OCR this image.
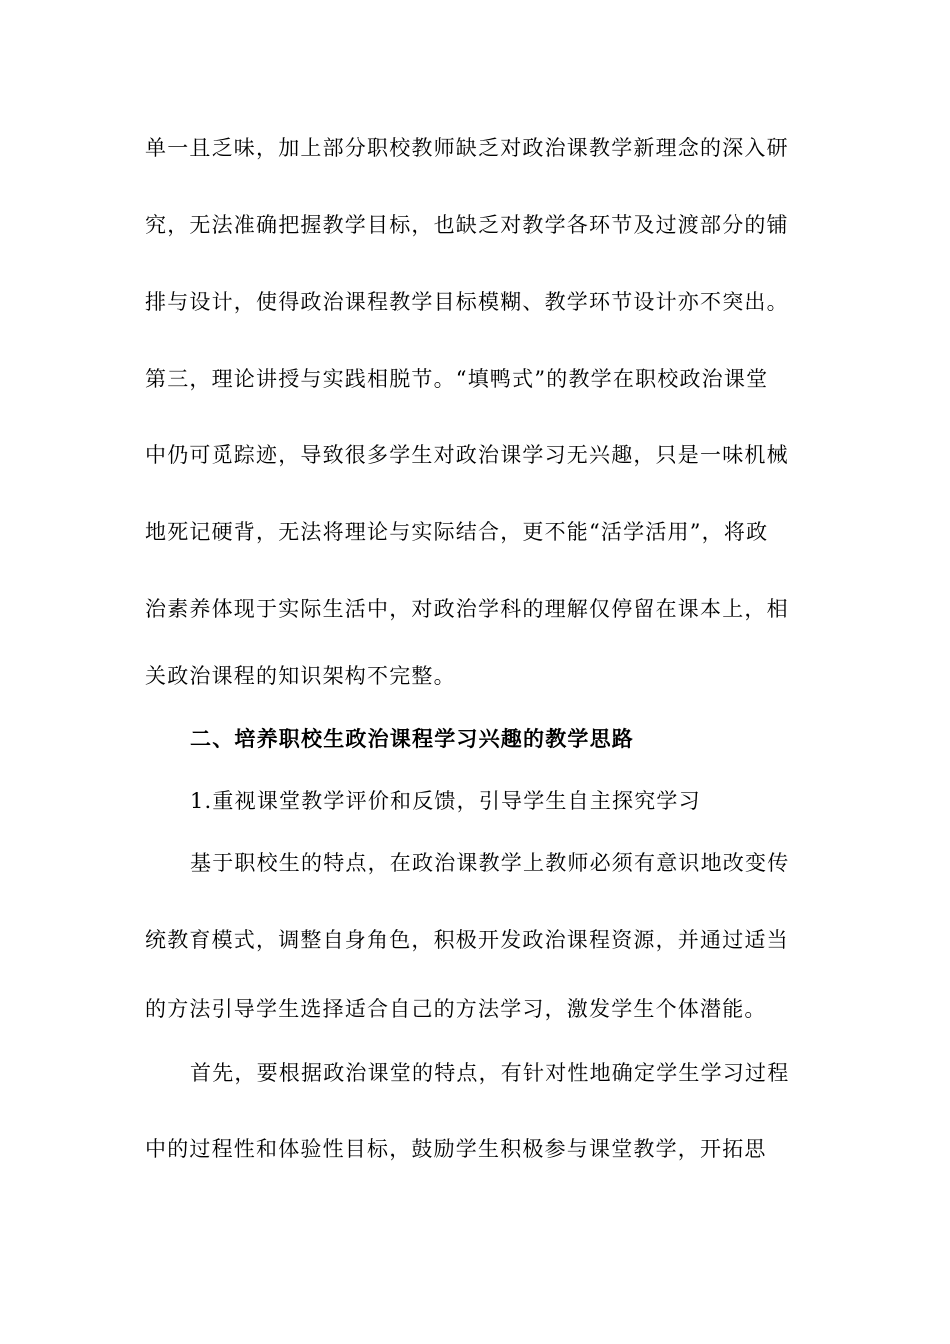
单一且乏味，加上部分职校教师缺乏对政治课教学新理念的深入研
究，无法准确把握教学目标，也缺乏对教学各环节及过渡部分的铺
排与设计，使得政治课程教学目标模糊、教学环节设计亦不突出。
第三，理论讲授与实践相脱节。“填鸭式”的教学在职校政治课堂
中仍可觅踪迹，导致很多学生对政治课学习无兴趣，只是一味机械
地死记硬背，无法将理论与实际结合，更不能“活学活用”，将政
治素养体现于实际生活中，对政治学科的理解仅停留在课本上，相
关政治课程的知识架构不完整。
二、培养职校生政治课程学习兴趣的教学思路
1.重视课堂教学评价和反馈，引导学生自主探究学习
基于职校生的特点，在政治课教学上教师必须有意识地改变传
统教育模式，调整自身角色，积极开发政治课程资源，并通过适当
的方法引导学生选择适合自己的方法学习，激发学生个体潜能。
首先，要根据政治课堂的特点，有针对性地确定学生学习过程
中的过程性和体验性目标，鼓励学生积极参与课堂教学，开拓思
